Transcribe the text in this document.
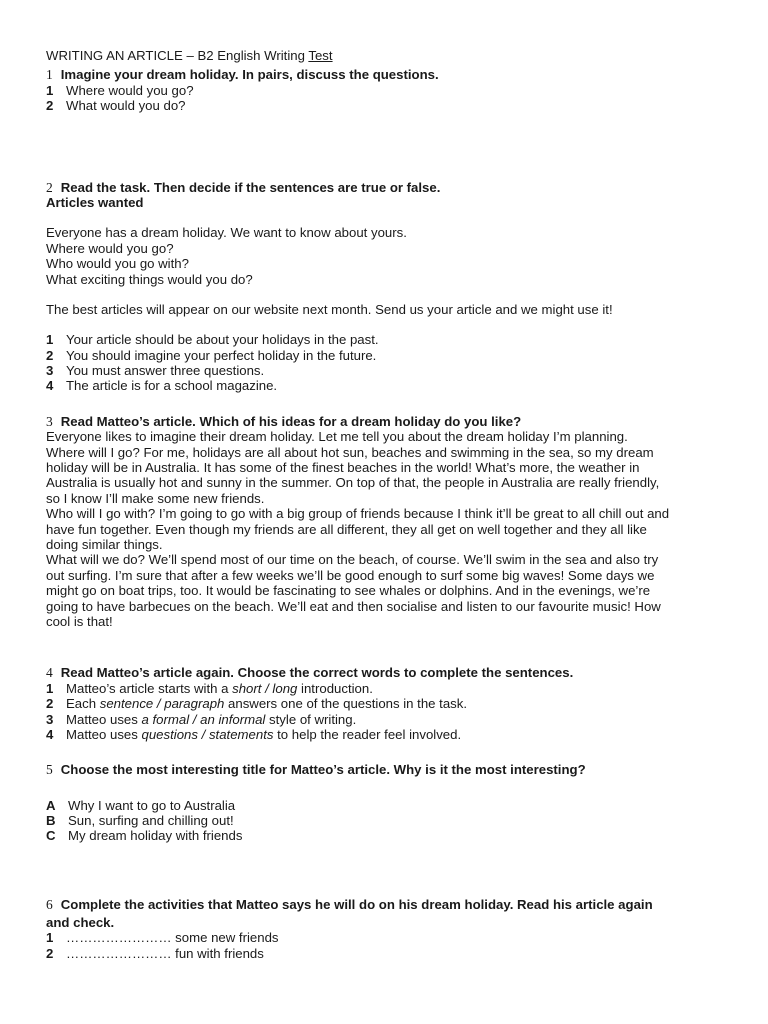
WRITING AN ARTICLE – B2 English Writing Test
1 Imagine your dream holiday. In pairs, discuss the questions.
1 Where would you go?
2 What would you do?
2 Read the task. Then decide if the sentences are true or false.
Articles wanted
Everyone has a dream holiday. We want to know about yours.
Where would you go?
Who would you go with?
What exciting things would you do?
The best articles will appear on our website next month. Send us your article and we might use it!
1 Your article should be about your holidays in the past.
2 You should imagine your perfect holiday in the future.
3 You must answer three questions.
4 The article is for a school magazine.
3 Read Matteo’s article. Which of his ideas for a dream holiday do you like?
Everyone likes to imagine their dream holiday. Let me tell you about the dream holiday I’m planning.
Where will I go? For me, holidays are all about hot sun, beaches and swimming in the sea, so my dream
holiday will be in Australia. It has some of the finest beaches in the world! What’s more, the weather in
Australia is usually hot and sunny in the summer. On top of that, the people in Australia are really friendly,
so I know I’ll make some new friends.
Who will I go with? I’m going to go with a big group of friends because I think it’ll be great to all chill out and
have fun together. Even though my friends are all different, they all get on well together and they all like
doing similar things.
What will we do? We’ll spend most of our time on the beach, of course. We’ll swim in the sea and also try
out surfing. I’m sure that after a few weeks we’ll be good enough to surf some big waves! Some days we
might go on boat trips, too. It would be fascinating to see whales or dolphins. And in the evenings, we’re
going to have barbecues on the beach. We’ll eat and then socialise and listen to our favourite music! How
cool is that!
4 Read Matteo’s article again. Choose the correct words to complete the sentences.
1 Matteo’s article starts with a short / long introduction.
2 Each sentence / paragraph answers one of the questions in the task.
3 Matteo uses a formal / an informal style of writing.
4 Matteo uses questions / statements to help the reader feel involved.
5 Choose the most interesting title for Matteo’s article. Why is it the most interesting?
A Why I want to go to Australia
B Sun, surfing and chilling out!
C My dream holiday with friends
6 Complete the activities that Matteo says he will do on his dream holiday. Read his article again
and check.
1 …………………… some new friends
2 …………………… fun with friends
